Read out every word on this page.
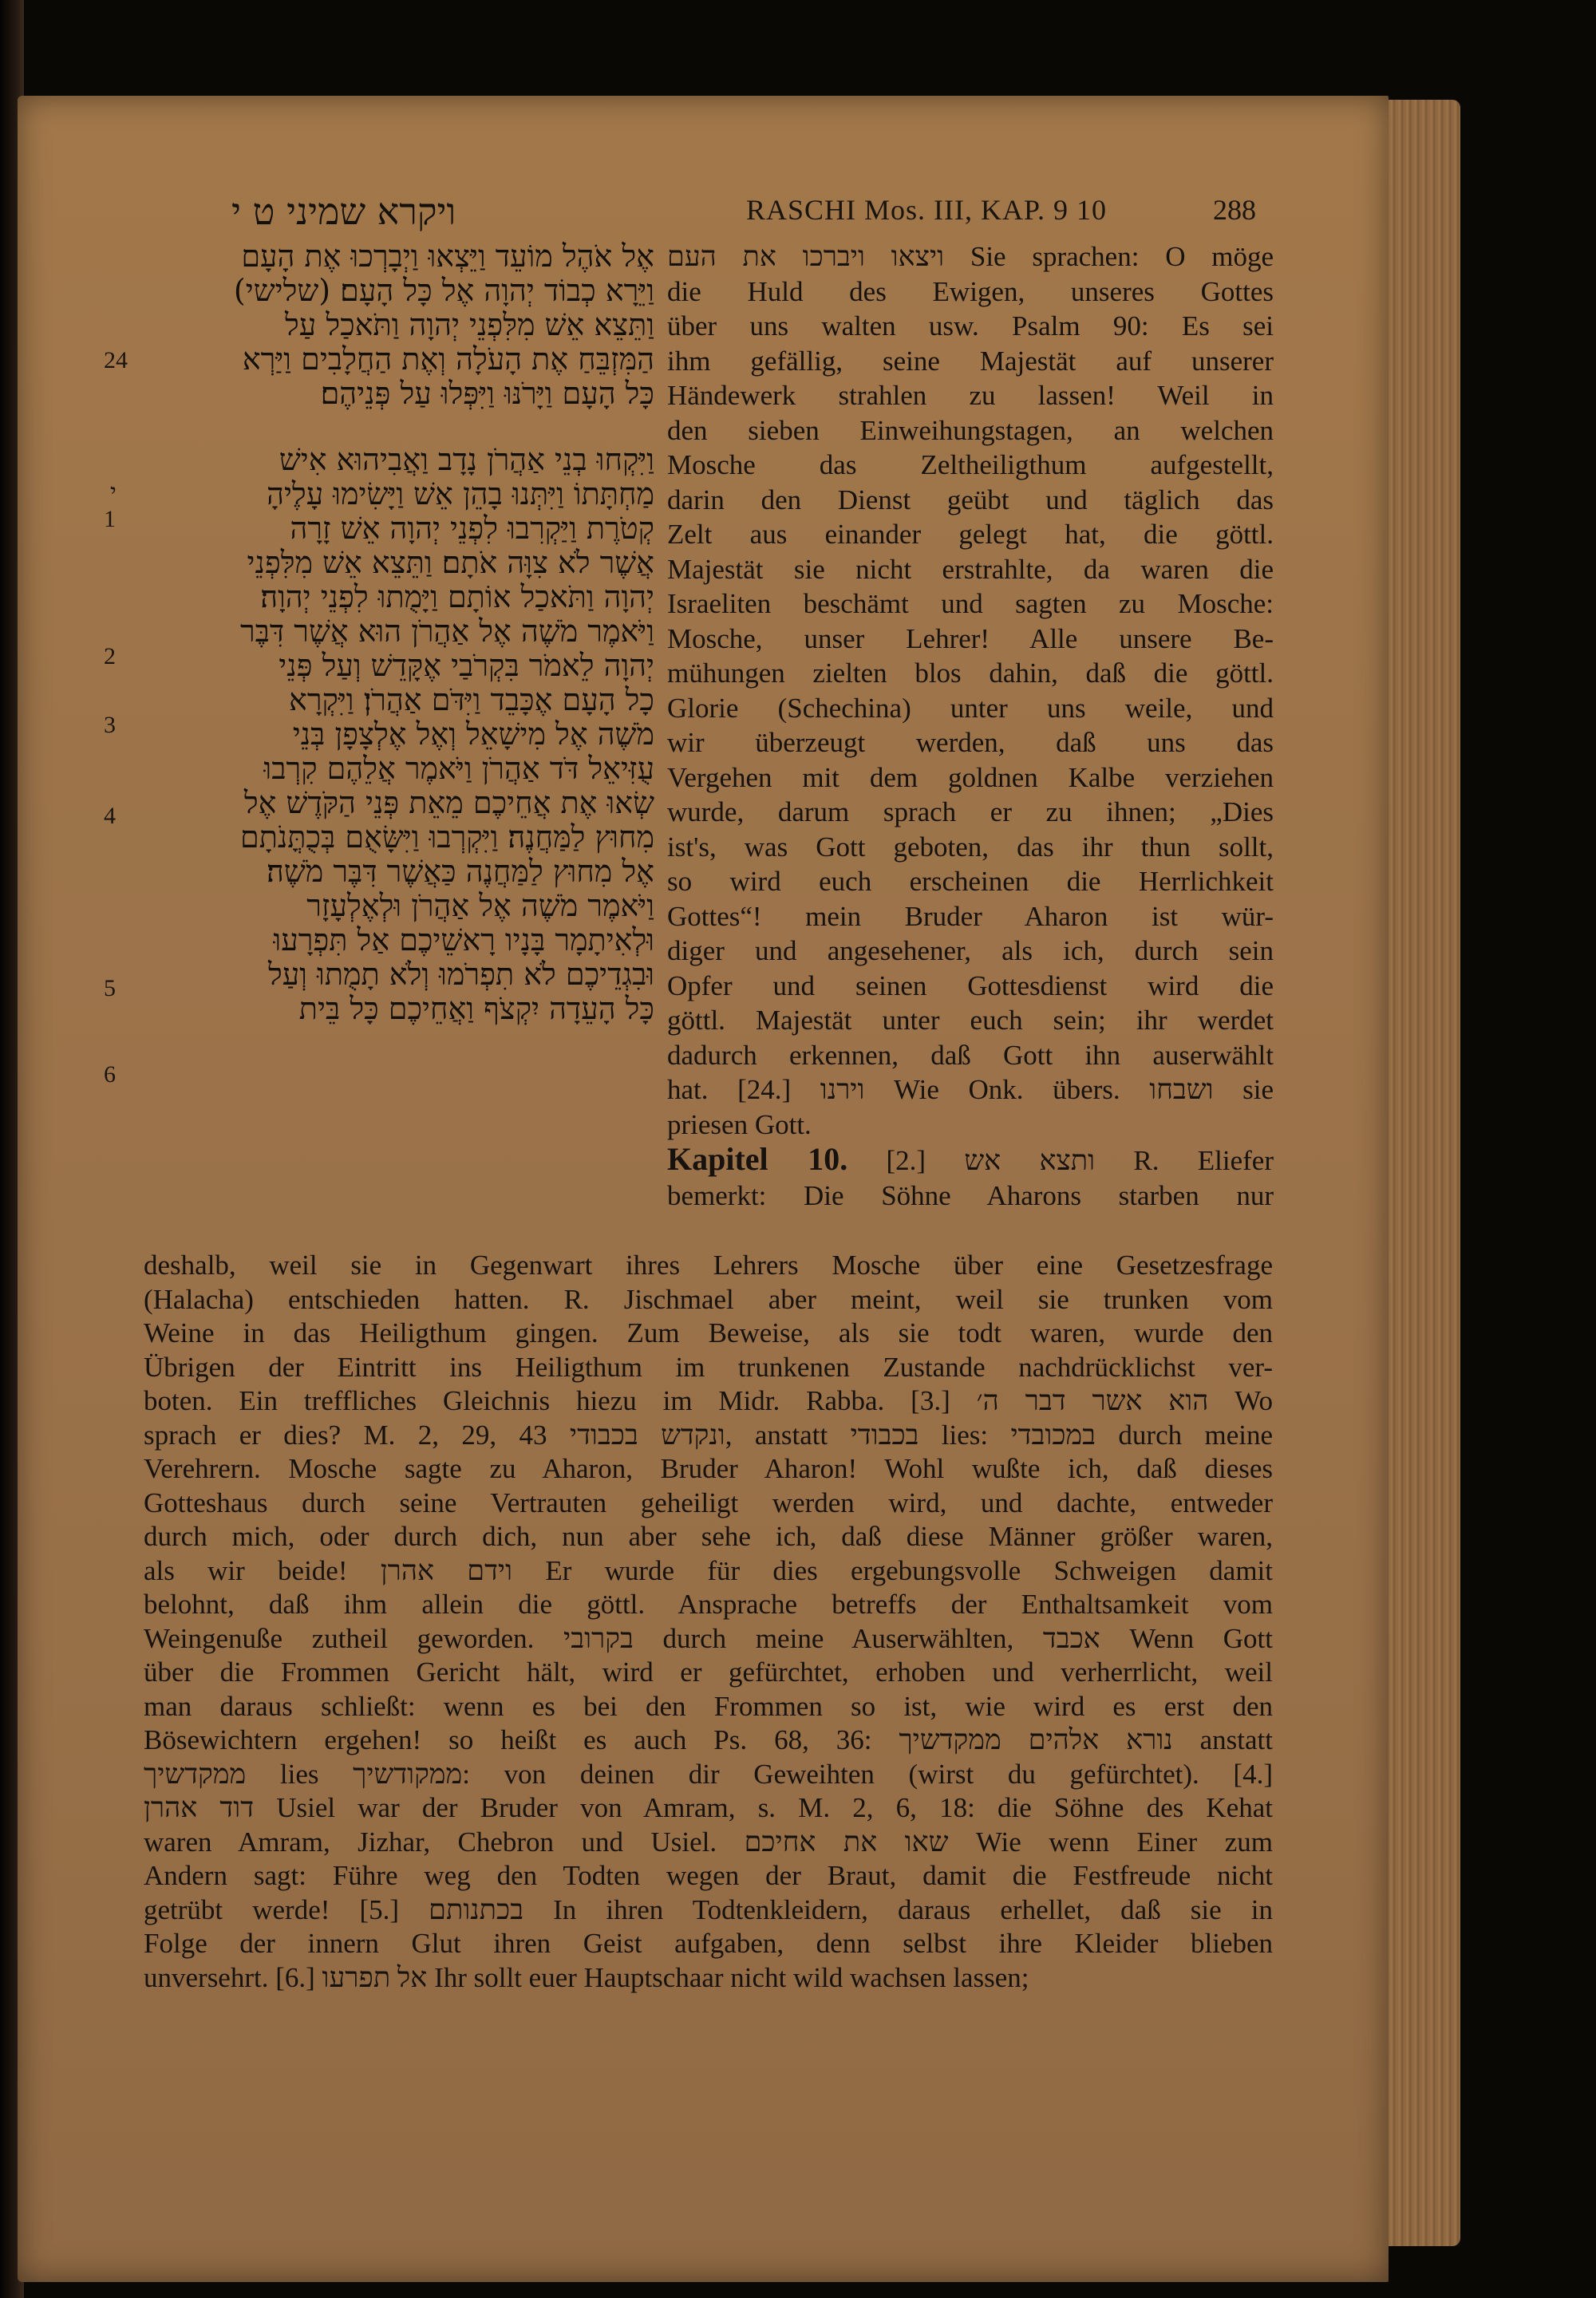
ויקרא שמיני ט י	RASCHI Mos. III, KAP. 9 10	288
24
י
1
2
3
4
5
6
אֶל אֹהֶל מוֹעֵד וַיֵּצְאוּ וַיְבָרְכוּ אֶת הָעָם
וַיֵּרָא כְבוֹד יְהוָה אֶל כָּל הָעָם׃ (שלישי)
וַתֵּצֵא אֵשׁ מִלִּפְנֵי יְהוָה וַתֹּאכַל עַל
הַמִּזְבֵּחַ אֶת הָעֹלָה וְאֶת הַחֲלָבִים וַיַּרְא
כָּל הָעָם וַיָּרֹנּוּ וַיִּפְּלוּ עַל פְּנֵיהֶם׃
וַיִּקְחוּ בְנֵי אַהֲרֹן נָדָב וַאֲבִיהוּא אִישׁ
מַחְתָּתוֹ וַיִּתְּנוּ בָהֵן אֵשׁ וַיָּשִׂימוּ עָלֶיהָ
קְטֹרֶת וַיַּקְרִבוּ לִפְנֵי יְהוָה אֵשׁ זָרָה
אֲשֶׁר לֹא צִוָּה אֹתָם׃ וַתֵּצֵא אֵשׁ מִלִּפְנֵי
יְהוָה וַתֹּאכַל אוֹתָם וַיָּמֻתוּ לִפְנֵי יְהוָה׃
וַיֹּאמֶר מֹשֶׁה אֶל אַהֲרֹן הוּא אֲשֶׁר דִּבֶּר
יְהוָה לֵאמֹר בִּקְרֹבַי אֶקָּדֵשׁ וְעַל פְּנֵי
כָל הָעָם אֶכָּבֵד וַיִּדֹּם אַהֲרֹן׃ וַיִּקְרָא
מֹשֶׁה אֶל מִישָׁאֵל וְאֶל אֶלְצָפָן בְּנֵי
עֻזִּיאֵל דֹּד אַהֲרֹן וַיֹּאמֶר אֲלֵהֶם קִרְבוּ
שְׂאוּ אֶת אֲחֵיכֶם מֵאֵת פְּנֵי הַקֹּדֶשׁ אֶל
מִחוּץ לַמַּחֲנֶה׃ וַיִּקְרְבוּ וַיִּשָּׂאֻם בְּכֻתֳּנֹתָם
אֶל מִחוּץ לַמַּחֲנֶה כַּאֲשֶׁר דִּבֶּר מֹשֶׁה׃
וַיֹּאמֶר מֹשֶׁה אֶל אַהֲרֹן וּלְאֶלְעָזָר
וּלְאִיתָמָר בָּנָיו רָאשֵׁיכֶם אַל תִּפְרָעוּ
וּבִגְדֵיכֶם לֹא תִפְרֹמוּ וְלֹא תָמֻתוּ וְעַל
כָּל הָעֵדָה יִקְצֹף וַאֲחֵיכֶם כָּל בֵּית
ויצאו ויברכו את העם Sie sprachen: O möge
die Huld des Ewigen, unseres Gottes
über uns walten usw. Psalm 90: Es sei
ihm gefällig, seine Majestät auf unserer
Händewerk strahlen zu lassen! Weil in
den sieben Einweihungstagen, an welchen
Mosche das Zeltheiligthum aufgestellt,
darin den Dienst geübt und täglich das
Zelt aus einander gelegt hat, die göttl.
Majestät sie nicht erstrahlte, da waren die
Israeliten beschämt und sagten zu Mosche:
Mosche, unser Lehrer! Alle unsere Be-
mühungen zielten blos dahin, daß die göttl.
Glorie (Schechina) unter uns weile, und
wir überzeugt werden, daß uns das
Vergehen mit dem goldnen Kalbe verziehen
wurde, darum sprach er zu ihnen; „Dies
ist's, was Gott geboten, das ihr thun sollt,
so wird euch erscheinen die Herrlichkeit
Gottes“! mein Bruder Aharon ist wür-
diger und angesehener, als ich, durch sein
Opfer und seinen Gottesdienst wird die
göttl. Majestät unter euch sein; ihr werdet
dadurch erkennen, daß Gott ihn auserwählt
hat. [24.] וירנו Wie Onk. übers. ושבחו sie
priesen Gott.
Kapitel 10. [2.] ותצא אש R. Eliefer
bemerkt: Die Söhne Aharons starben nur
deshalb, weil sie in Gegenwart ihres Lehrers Mosche über eine Gesetzesfrage
(Halacha) entschieden hatten. R. Jischmael aber meint, weil sie trunken vom
Weine in das Heiligthum gingen. Zum Beweise, als sie todt waren, wurde den
Übrigen der Eintritt ins Heiligthum im trunkenen Zustande nachdrücklichst ver-
boten. Ein treffliches Gleichnis hiezu im Midr. Rabba. [3.] הוא אשר דבר ה׳ Wo
sprach er dies? M. 2, 29, 43 ונקדש בכבודי, anstatt בכבודי lies: במכובדי durch meine
Verehrern. Mosche sagte zu Aharon, Bruder Aharon! Wohl wußte ich, daß dieses
Gotteshaus durch seine Vertrauten geheiligt werden wird, und dachte, entweder
durch mich, oder durch dich, nun aber sehe ich, daß diese Männer größer waren,
als wir beide! וידם אהרן Er wurde für dies ergebungsvolle Schweigen damit
belohnt, daß ihm allein die göttl. Ansprache betreffs der Enthaltsamkeit vom
Weingenuße zutheil geworden. בקרובי durch meine Auserwählten, אכבד Wenn Gott
über die Frommen Gericht hält, wird er gefürchtet, erhoben und verherrlicht, weil
man daraus schließt: wenn es bei den Frommen so ist, wie wird es erst den
Bösewichtern ergehen! so heißt es auch Ps. 68, 36: נורא אלהים ממקדשיך anstatt
ממקדשיך lies ממקודשיך: von deinen dir Geweihten (wirst du gefürchtet). [4.]
דוד אהרן Usiel war der Bruder von Amram, s. M. 2, 6, 18: die Söhne des Kehat
waren Amram, Jizhar, Chebron und Usiel. שאו את אחיכם Wie wenn Einer zum
Andern sagt: Führe weg den Todten wegen der Braut, damit die Festfreude nicht
getrübt werde! [5.] בכתנותם In ihren Todtenkleidern, daraus erhellet, daß sie in
Folge der innern Glut ihren Geist aufgaben, denn selbst ihre Kleider blieben
unversehrt. [6.] אל תפרעו Ihr sollt euer Hauptschaar nicht wild wachsen lassen;
